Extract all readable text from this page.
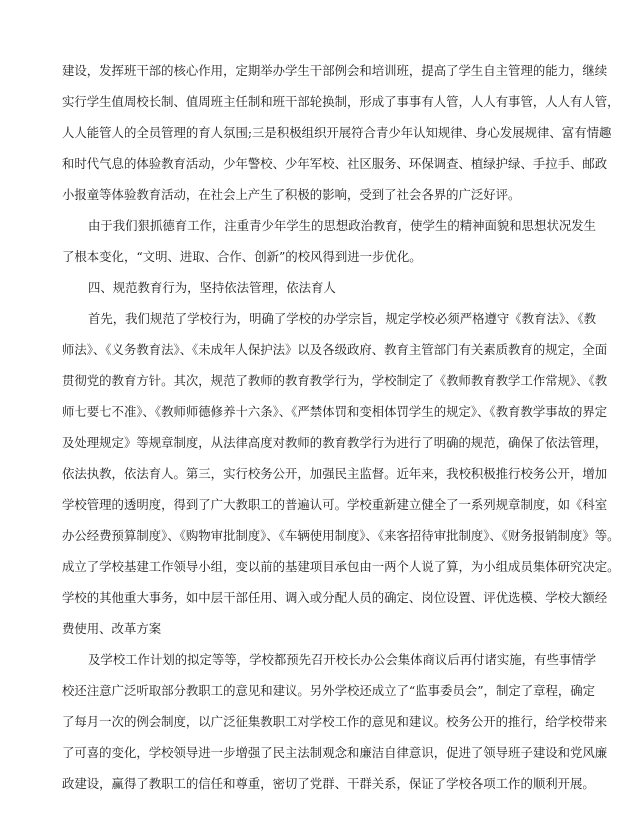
建设，发挥班干部的核心作用，定期举办学生干部例会和培训班，提高了学生自主管理的能力，继续
实行学生值周校长制、值周班主任制和班干部轮换制，形成了事事有人管，人人有事管，人人有人管，
人人能管人的全员管理的育人氛围;三是积极组织开展符合青少年认知规律、身心发展规律、富有情趣
和时代气息的体验教育活动，少年警校、少年军校、社区服务、环保调查、植绿护绿、手拉手、邮政
小报童等体验教育活动，在社会上产生了积极的影响，受到了社会各界的广泛好评。
由于我们狠抓德育工作，注重青少年学生的思想政治教育，使学生的精神面貌和思想状况发生
了根本变化，“文明、进取、合作、创新”的校风得到进一步优化。
四、规范教育行为，坚持依法管理，依法育人
首先，我们规范了学校行为，明确了学校的办学宗旨，规定学校必须严格遵守《教育法》、《教
师法》、《义务教育法》、《未成年人保护法》以及各级政府、教育主管部门有关素质教育的规定，全面
贯彻党的教育方针。其次，规范了教师的教育教学行为，学校制定了《教师教育教学工作常规》、《教
师七要七不准》、《教师师德修养十六条》、《严禁体罚和变相体罚学生的规定》、《教育教学事故的界定
及处理规定》等规章制度，从法律高度对教师的教育教学行为进行了明确的规范，确保了依法管理，
依法执教，依法育人。第三，实行校务公开，加强民主监督。近年来，我校积极推行校务公开，增加
学校管理的透明度，得到了广大教职工的普遍认可。学校重新建立健全了一系列规章制度，如《科室
办公经费预算制度》、《购物审批制度》、《车辆使用制度》、《来客招待审批制度》、《财务报销制度》等。
成立了学校基建工作领导小组，变以前的基建项目承包由一两个人说了算，为小组成员集体研究决定。
学校的其他重大事务，如中层干部任用、调入或分配人员的确定、岗位设置、评优选模、学校大额经
费使用、改革方案
及学校工作计划的拟定等等，学校都预先召开校长办公会集体商议后再付诸实施，有些事情学
校还注意广泛听取部分教职工的意见和建议。另外学校还成立了“监事委员会”，制定了章程，确定
了每月一次的例会制度，以广泛征集教职工对学校工作的意见和建议。校务公开的推行，给学校带来
了可喜的变化，学校领导进一步增强了民主法制观念和廉洁自律意识，促进了领导班子建设和党风廉
政建设，赢得了教职工的信任和尊重，密切了党群、干群关系，保证了学校各项工作的顺利开展。
